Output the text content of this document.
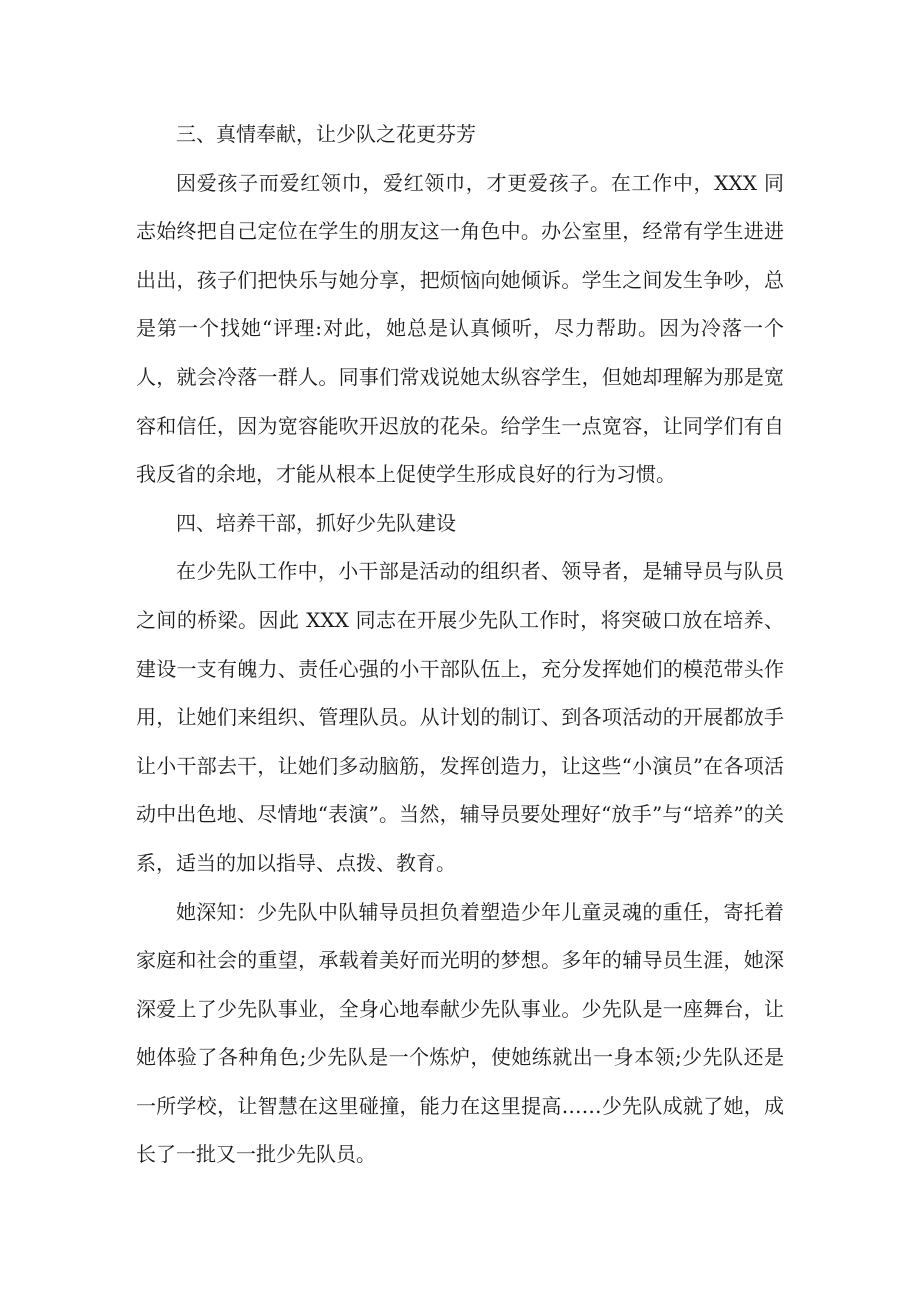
三、真情奉献，让少队之花更芬芳

因爱孩子而爱红领巾，爱红领巾，才更爱孩子。在工作中，XXX 同志始终把自己定位在学生的朋友这一角色中。办公室里，经常有学生进进出出，孩子们把快乐与她分享，把烦恼向她倾诉。学生之间发生争吵，总是第一个找她“评理:对此，她总是认真倾听，尽力帮助。因为冷落一个人，就会冷落一群人。同事们常戏说她太纵容学生，但她却理解为那是宽容和信任，因为宽容能吹开迟放的花朵。给学生一点宽容，让同学们有自我反省的余地，才能从根本上促使学生形成良好的行为习惯。

四、培养干部，抓好少先队建设

在少先队工作中，小干部是活动的组织者、领导者，是辅导员与队员之间的桥梁。因此 XXX 同志在开展少先队工作时，将突破口放在培养、建设一支有魄力、责任心强的小干部队伍上，充分发挥她们的模范带头作用，让她们来组织、管理队员。从计划的制订、到各项活动的开展都放手让小干部去干，让她们多动脑筋，发挥创造力，让这些“小演员”在各项活动中出色地、尽情地“表演”。当然，辅导员要处理好“放手”与“培养”的关系，适当的加以指导、点拨、教育。

她深知：少先队中队辅导员担负着塑造少年儿童灵魂的重任，寄托着家庭和社会的重望，承载着美好而光明的梦想。多年的辅导员生涯，她深深爱上了少先队事业，全身心地奉献少先队事业。少先队是一座舞台，让她体验了各种角色;少先队是一个炼炉，使她练就出一身本领;少先队还是一所学校，让智慧在这里碰撞，能力在这里提高……少先队成就了她，成长了一批又一批少先队员。
